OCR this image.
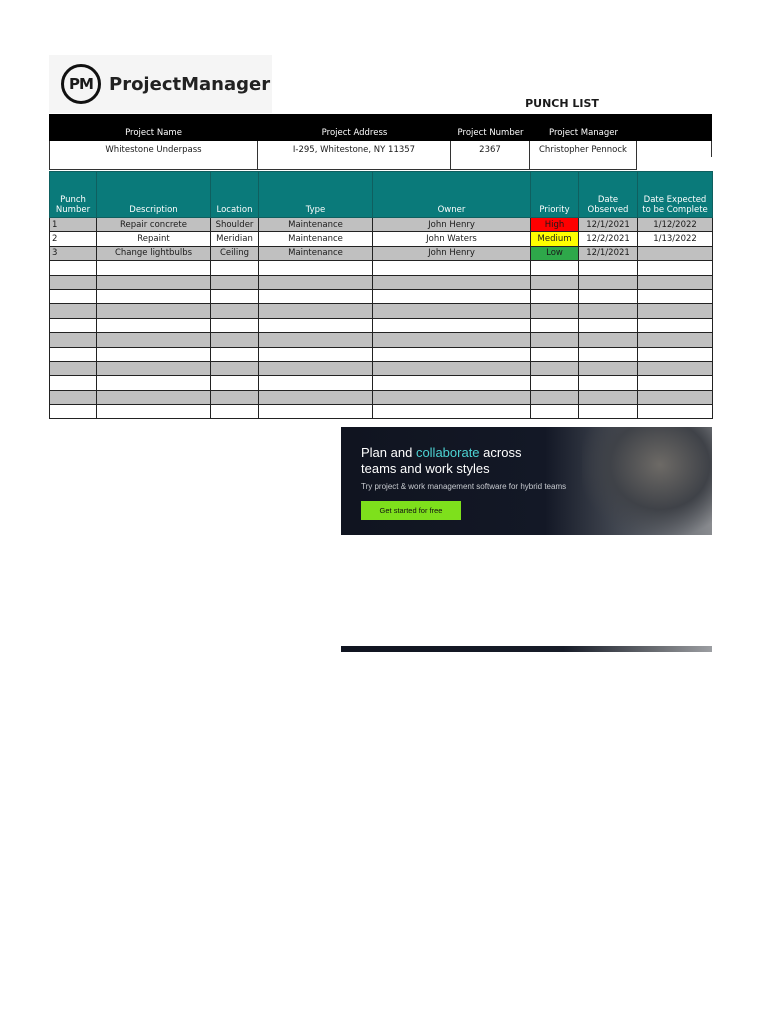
PM ProjectManager
PUNCH LIST
Project Name	Project Address	Project Number	Project Manager
Whitestone Underpass	I-295, Whitestone, NY 11357	2367	Christopher Pennock
Punch Number	Description	Location	Type	Owner	Priority	Date Observed	Date Expected to be Complete
1	Repair concrete	Shoulder	Maintenance	John Henry	High	12/1/2021	1/12/2022
2	Repaint	Meridian	Maintenance	John Waters	Medium	12/2/2021	1/13/2022
3	Change lightbulbs	Ceiling	Maintenance	John Henry	Low	12/1/2021	

Plan and collaborate across
teams and work styles
Try project & work management software for hybrid teams
Get started for free
